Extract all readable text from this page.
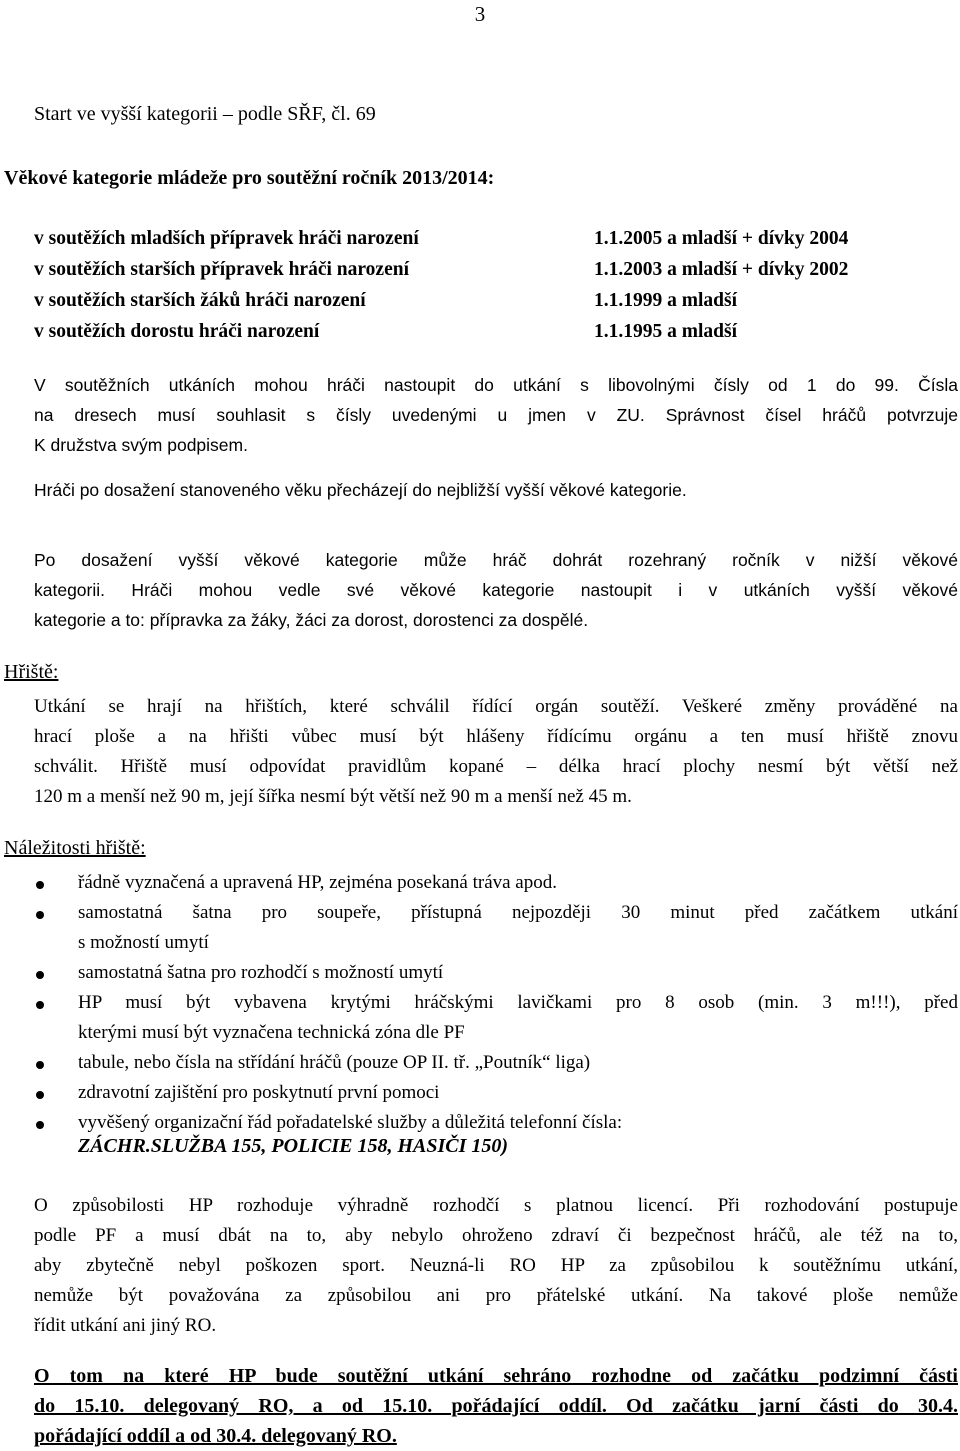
3
Start ve vyšší kategorii – podle SŘF, čl. 69
Věkové kategorie mládeže pro soutěžní ročník 2013/2014:
v soutěžích mladších přípravek hráči narození	1.1.2005 a mladší + dívky 2004
v soutěžích starších přípravek hráči narození	1.1.2003 a mladší + dívky 2002
v soutěžích starších žáků hráči narození	1.1.1999 a mladší
v soutěžích dorostu hráči narození	1.1.1995 a mladší
V soutěžních utkáních mohou hráči nastoupit do utkání s libovolnými čísly od 1 do 99. Čísla
na dresech musí souhlasit s čísly uvedenými u jmen v ZU. Správnost čísel hráčů potvrzuje
K družstva svým podpisem.
Hráči po dosažení stanoveného věku přecházejí do nejbližší vyšší věkové kategorie.
Po dosažení vyšší věkové kategorie může hráč dohrát rozehraný ročník v nižší věkové
kategorii. Hráči mohou vedle své věkové kategorie nastoupit i v utkáních vyšší věkové
kategorie a to: přípravka za žáky, žáci za dorost, dorostenci za dospělé.
Hřiště:
Utkání se hrají na hřištích, které schválil řídící orgán soutěží. Veškeré změny prováděné na
hrací ploše a na hřišti vůbec musí být hlášeny řídícímu orgánu a ten musí hřiště znovu
schválit. Hřiště musí odpovídat pravidlům kopané – délka hrací plochy nesmí být větší než
120 m a menší než 90 m, její šířka nesmí být větší než 90 m a menší než 45 m.
Náležitosti hřiště:
řádně vyznačená a upravená HP, zejména posekaná tráva apod.
samostatná šatna pro soupeře, přístupná nejpozději 30 minut před začátkem utkání
s možností umytí
samostatná šatna pro rozhodčí s možností umytí
HP musí být vybavena krytými hráčskými lavičkami pro 8 osob (min. 3 m!!!), před
kterými musí být vyznačena technická zóna dle PF
tabule, nebo čísla na střídání hráčů (pouze OP II. tř. „Poutník“ liga)
zdravotní zajištění pro poskytnutí první pomoci
vyvěšený organizační řád pořadatelské služby a důležitá telefonní čísla:
ZÁCHR.SLUŽBA 155, POLICIE 158, HASIČI 150)
O způsobilosti HP rozhoduje výhradně rozhodčí s platnou licencí. Při rozhodování postupuje
podle PF a musí dbát na to, aby nebylo ohroženo zdraví či bezpečnost hráčů, ale též na to,
aby zbytečně nebyl poškozen sport. Neuzná-li RO HP za způsobilou k soutěžnímu utkání,
nemůže být považována za způsobilou ani pro přátelské utkání. Na takové ploše nemůže
řídit utkání ani jiný RO.
O tom na které HP bude soutěžní utkání sehráno rozhodne od začátku podzimní části
do 15.10. delegovaný RO, a od 15.10. pořádající oddíl. Od začátku jarní části do 30.4.
pořádající oddíl a od 30.4. delegovaný RO.
